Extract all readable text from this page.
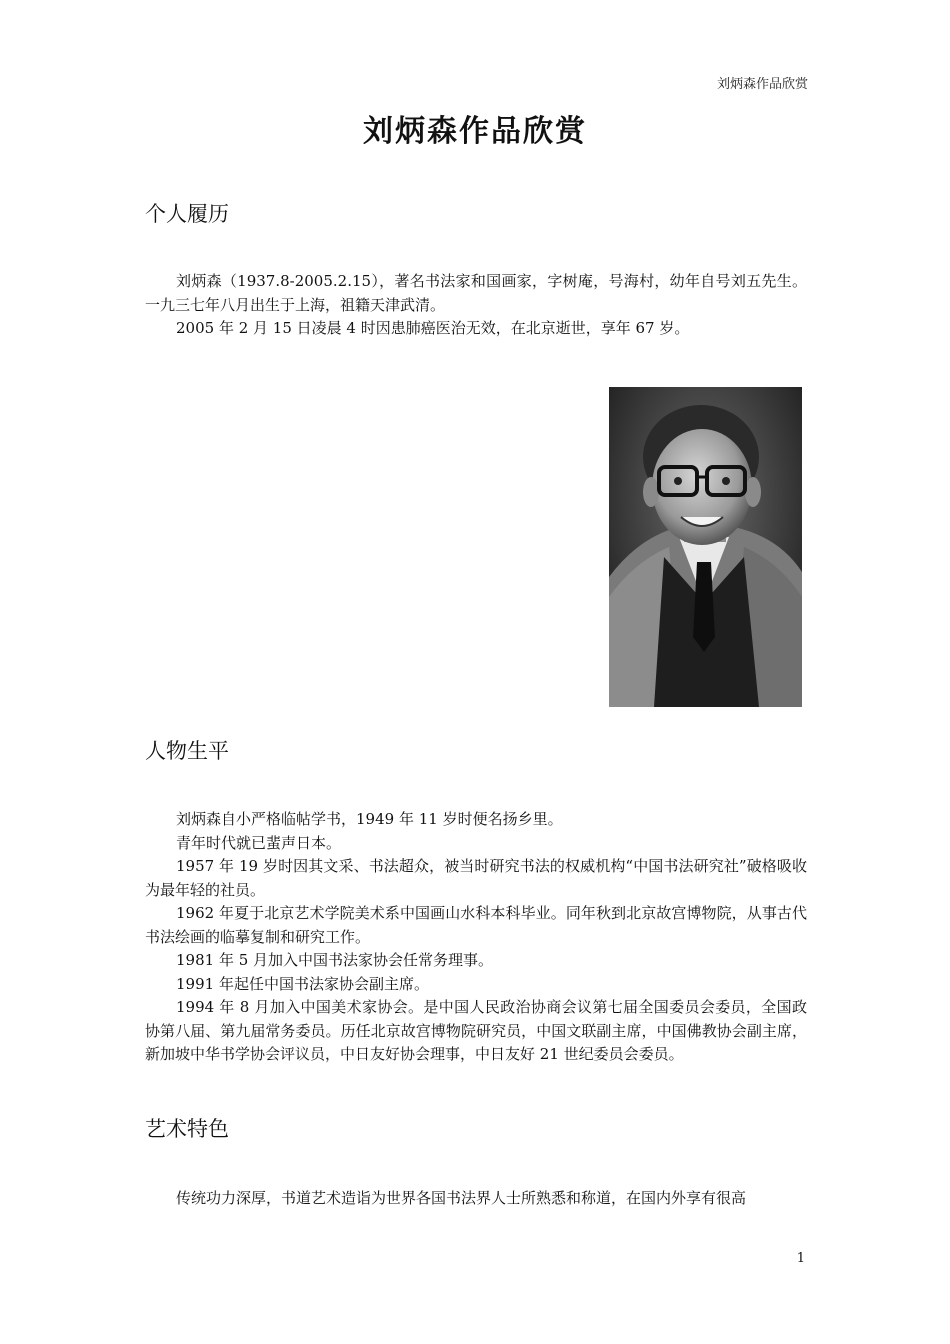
刘炳森作品欣赏
刘炳森作品欣赏
个人履历

刘炳森（1937.8-2005.2.15），著名书法家和国画家，字树庵，号海村，幼年自号刘五先生。一九三七年八月出生于上海，祖籍天津武清。

2005 年 2 月 15 日凌晨 4 时因患肺癌医治无效，在北京逝世，享年 67 岁。

人物生平

刘炳森自小严格临帖学书，1949 年 11 岁时便名扬乡里。

青年时代就已蜚声日本。

1957 年 19 岁时因其文采、书法超众，被当时研究书法的权威机构“中国书法研究社”破格吸收为最年轻的社员。

1962 年夏于北京艺术学院美术系中国画山水科本科毕业。同年秋到北京故宫博物院，从事古代书法绘画的临摹复制和研究工作。

1981 年 5 月加入中国书法家协会任常务理事。

1991 年起任中国书法家协会副主席。

1994 年 8 月加入中国美术家协会。是中国人民政治协商会议第七届全国委员会委员，全国政协第八届、第九届常务委员。历任北京故宫博物院研究员，中国文联副主席，中国佛教协会副主席，新加坡中华书学协会评议员，中日友好协会理事，中日友好 21 世纪委员会委员。

艺术特色

传统功力深厚，书道艺术造诣为世界各国书法界人士所熟悉和称道，在国内外享有很高

1
